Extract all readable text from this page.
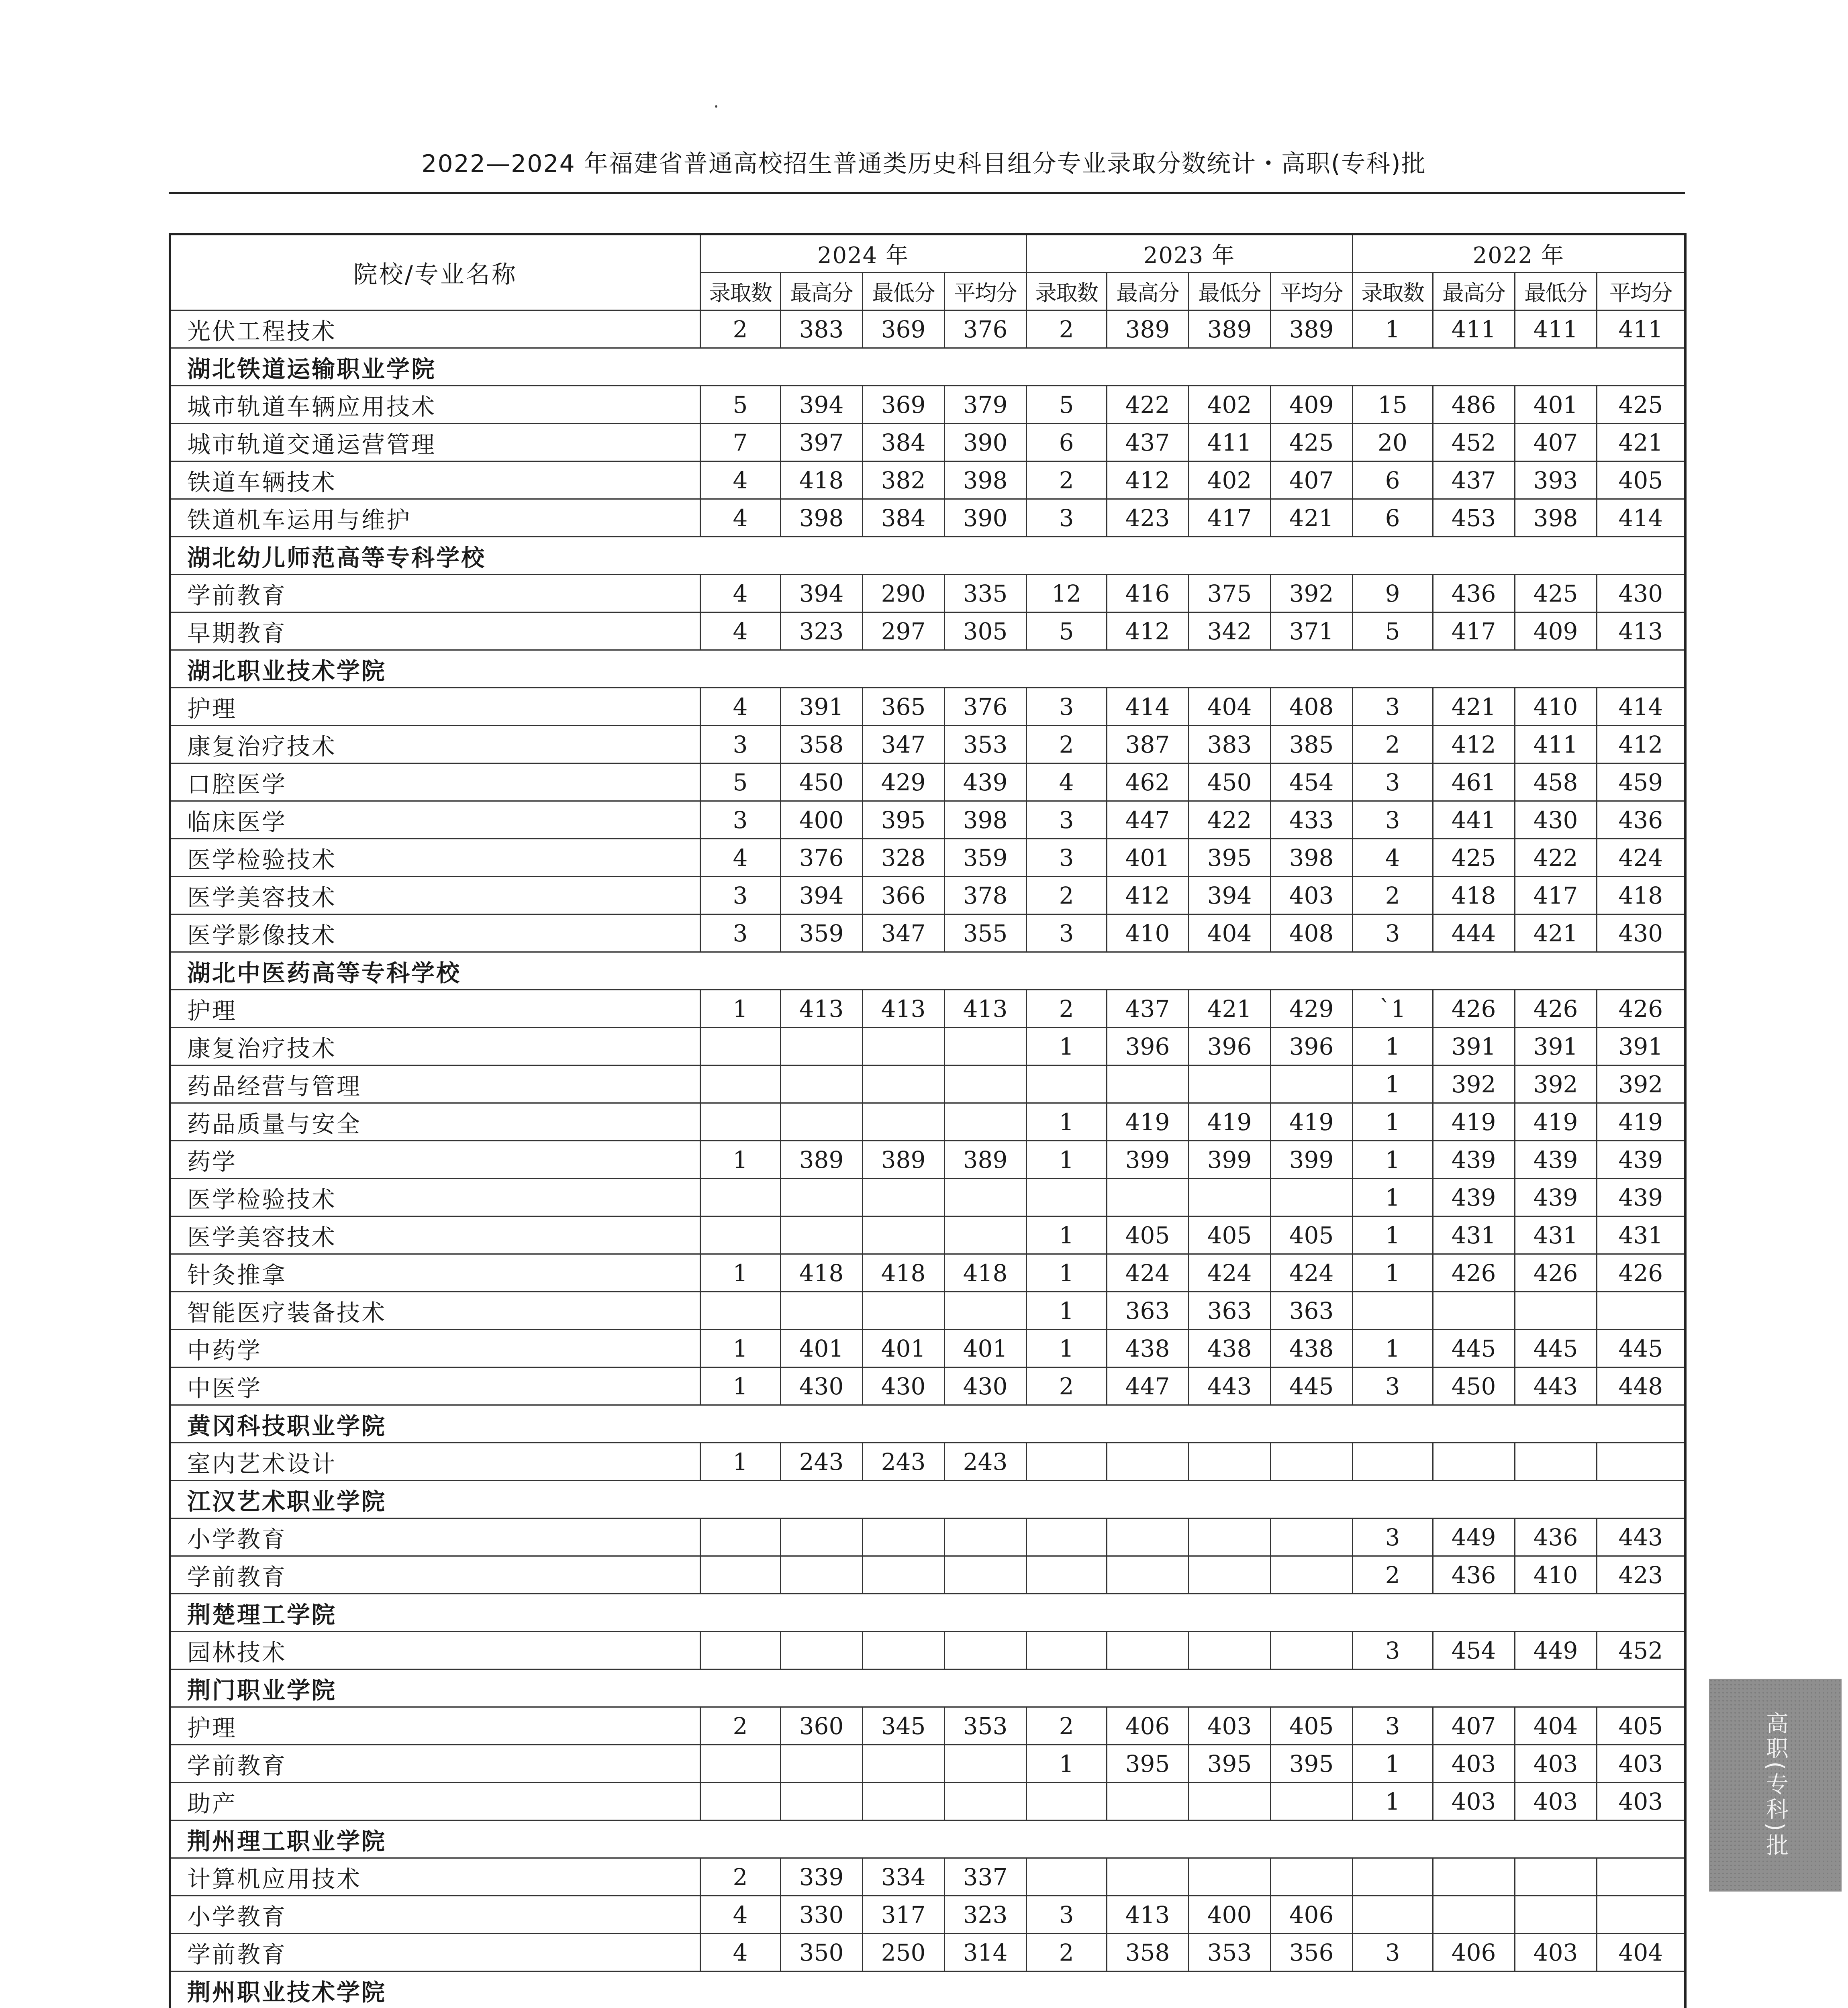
2022—2024 年福建省普通高校招生普通类历史科目组分专业录取分数统计・高职(专科)批
院校/专业名称	2024 年				2023 年				2022 年			
	录取数	最高分	最低分	平均分	录取数	最高分	最低分	平均分	录取数	最高分	最低分	平均分
光伏工程技术	2	383	369	376	2	389	389	389	1	411	411	411
湖北铁道运输职业学院												
城市轨道车辆应用技术	5	394	369	379	5	422	402	409	15	486	401	425
城市轨道交通运营管理	7	397	384	390	6	437	411	425	20	452	407	421
铁道车辆技术	4	418	382	398	2	412	402	407	6	437	393	405
铁道机车运用与维护	4	398	384	390	3	423	417	421	6	453	398	414
湖北幼儿师范高等专科学校												
学前教育	4	394	290	335	12	416	375	392	9	436	425	430
早期教育	4	323	297	305	5	412	342	371	5	417	409	413
湖北职业技术学院												
护理	4	391	365	376	3	414	404	408	3	421	410	414
康复治疗技术	3	358	347	353	2	387	383	385	2	412	411	412
口腔医学	5	450	429	439	4	462	450	454	3	461	458	459
临床医学	3	400	395	398	3	447	422	433	3	441	430	436
医学检验技术	4	376	328	359	3	401	395	398	4	425	422	424
医学美容技术	3	394	366	378	2	412	394	403	2	418	417	418
医学影像技术	3	359	347	355	3	410	404	408	3	444	421	430
湖北中医药高等专科学校												
护理	1	413	413	413	2	437	421	429	`1	426	426	426
康复治疗技术					1	396	396	396	1	391	391	391
药品经营与管理									1	392	392	392
药品质量与安全					1	419	419	419	1	419	419	419
药学	1	389	389	389	1	399	399	399	1	439	439	439
医学检验技术									1	439	439	439
医学美容技术					1	405	405	405	1	431	431	431
针灸推拿	1	418	418	418	1	424	424	424	1	426	426	426
智能医疗装备技术					1	363	363	363				
中药学	1	401	401	401	1	438	438	438	1	445	445	445
中医学	1	430	430	430	2	447	443	445	3	450	443	448
黄冈科技职业学院												
室内艺术设计	1	243	243	243								
江汉艺术职业学院												
小学教育									3	449	436	443
学前教育									2	436	410	423
荆楚理工学院												
园林技术									3	454	449	452
荆门职业学院												
护理	2	360	345	353	2	406	403	405	3	407	404	405
学前教育					1	395	395	395	1	403	403	403
助产									1	403	403	403
荆州理工职业学院												
计算机应用技术	2	339	334	337								
小学教育	4	330	317	323	3	413	400	406				
学前教育	4	350	250	314	2	358	353	356	3	406	403	404
荆州职业技术学院												

高职(专科)批
